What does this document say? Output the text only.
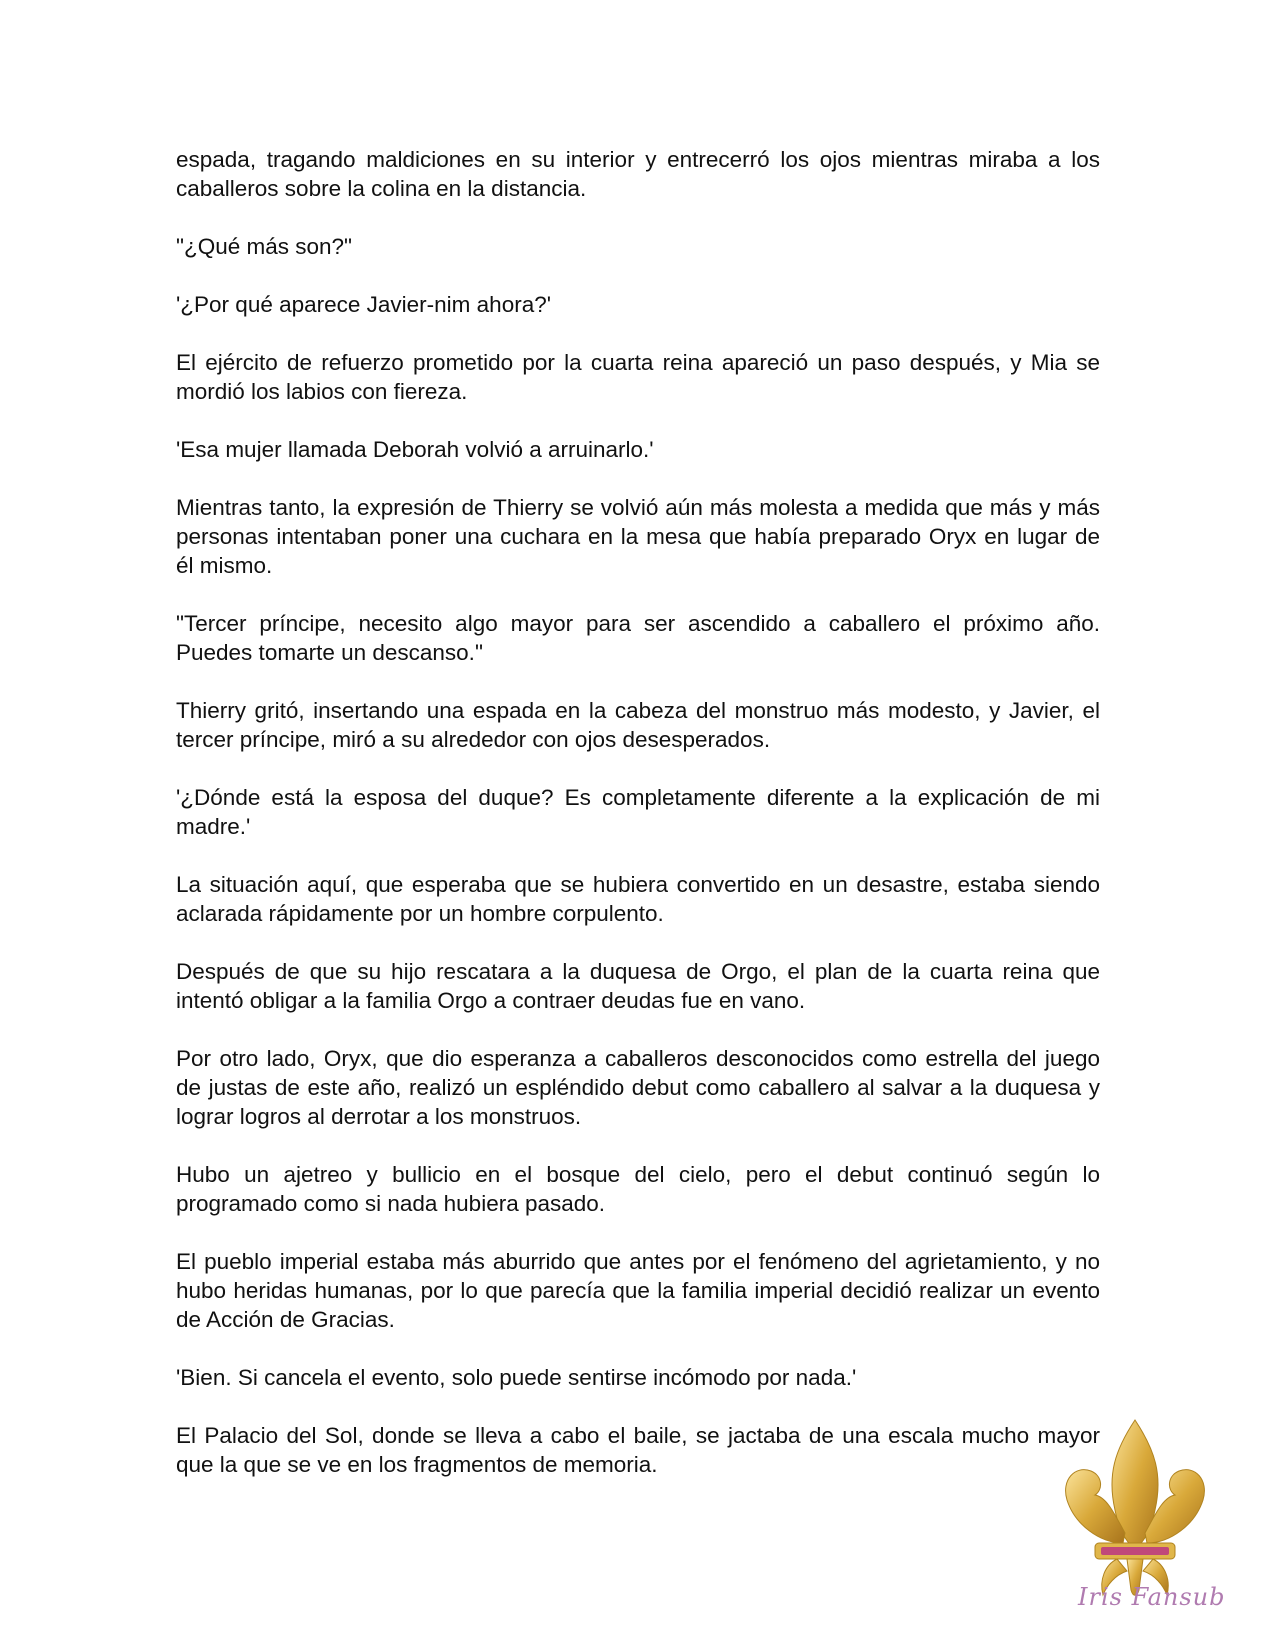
espada, tragando maldiciones en su interior y entrecerró los ojos mientras miraba a los caballeros sobre la colina en la distancia.

"¿Qué más son?"

'¿Por qué aparece Javier-nim ahora?'

El ejército de refuerzo prometido por la cuarta reina apareció un paso después, y Mia se mordió los labios con fiereza.

'Esa mujer llamada Deborah volvió a arruinarlo.'

Mientras tanto, la expresión de Thierry se volvió aún más molesta a medida que más y más personas intentaban poner una cuchara en la mesa que había preparado Oryx en lugar de él mismo.

"Tercer príncipe, necesito algo mayor para ser ascendido a caballero el próximo año. Puedes tomarte un descanso."

Thierry gritó, insertando una espada en la cabeza del monstruo más modesto, y Javier, el tercer príncipe, miró a su alrededor con ojos desesperados.

'¿Dónde está la esposa del duque? Es completamente diferente a la explicación de mi madre.'

La situación aquí, que esperaba que se hubiera convertido en un desastre, estaba siendo aclarada rápidamente por un hombre corpulento.

Después de que su hijo rescatara a la duquesa de Orgo, el plan de la cuarta reina que intentó obligar a la familia Orgo a contraer deudas fue en vano.

Por otro lado, Oryx, que dio esperanza a caballeros desconocidos como estrella del juego de justas de este año, realizó un espléndido debut como caballero al salvar a la duquesa y lograr logros al derrotar a los monstruos.

Hubo un ajetreo y bullicio en el bosque del cielo, pero el debut continuó según lo programado como si nada hubiera pasado.

El pueblo imperial estaba más aburrido que antes por el fenómeno del agrietamiento, y no hubo heridas humanas, por lo que parecía que la familia imperial decidió realizar un evento de Acción de Gracias.

'Bien. Si cancela el evento, solo puede sentirse incómodo por nada.'

El Palacio del Sol, donde se lleva a cabo el baile, se jactaba de una escala mucho mayor que la que se ve en los fragmentos de memoria.

Iris Fansub
